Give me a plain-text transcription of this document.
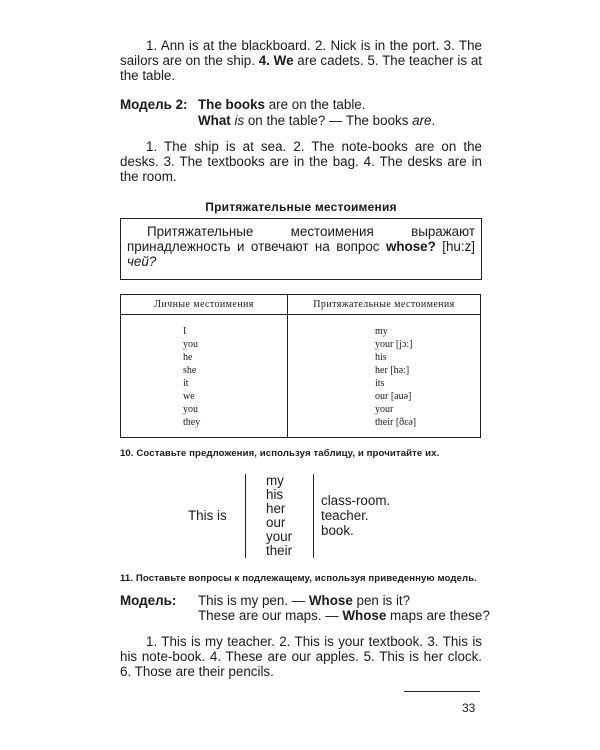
1. Ann is at the blackboard. 2. Nick is in the port. 3. The sailors are on the ship. 4. We are cadets. 5. The teacher is at the table.
Модель 2: The books are on the table.
What is on the table? — The books are.
1. The ship is at sea. 2. The note-books are on the desks. 3. The textbooks are in the bag. 4. The desks are in the room.
Притяжательные местоимения
Притяжательные местоимения выражают принадлежность и отвечают на вопрос whose? [hu:z] чей?
Личные местоимения	Притяжательные местоимения
I
you
he
she
it
we
you
they
my
your [jɔ:]
his
her [hə:]
its
our [auə]
your
their [ðεə]
10. Составьте предложения, используя таблицу, и прочитайте их.
This is
my
his
her
our
your
their
class-room.
teacher.
book.
11. Поставьте вопросы к подлежащему, используя приведенную модель.
Модель: This is my pen. — Whose pen is it?
These are our maps. — Whose maps are these?
1. This is my teacher. 2. This is your textbook. 3. This is his note-book. 4. These are our apples. 5. This is her clock. 6. Those are their pencils.
33
